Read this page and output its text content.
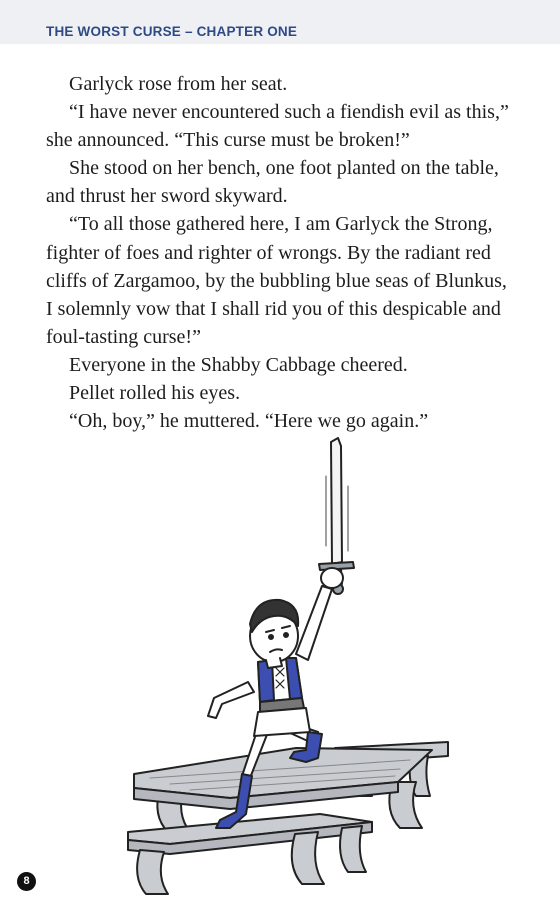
THE WORST CURSE – CHAPTER ONE

Garlyck rose from her seat.

“I have never encountered such a fiendish evil as this,” she announced. “This curse must be broken!”

She stood on her bench, one foot planted on the table, and thrust her sword skyward.

“To all those gathered here, I am Garlyck the Strong, fighter of foes and righter of wrongs. By the radiant red cliffs of Zargamoo, by the bubbling blue seas of Blunkus, I solemnly vow that I shall rid you of this despicable and foul-tasting curse!”

Everyone in the Shabby Cabbage cheered.

Pellet rolled his eyes.

“Oh, boy,” he muttered. “Here we go again.”

8
